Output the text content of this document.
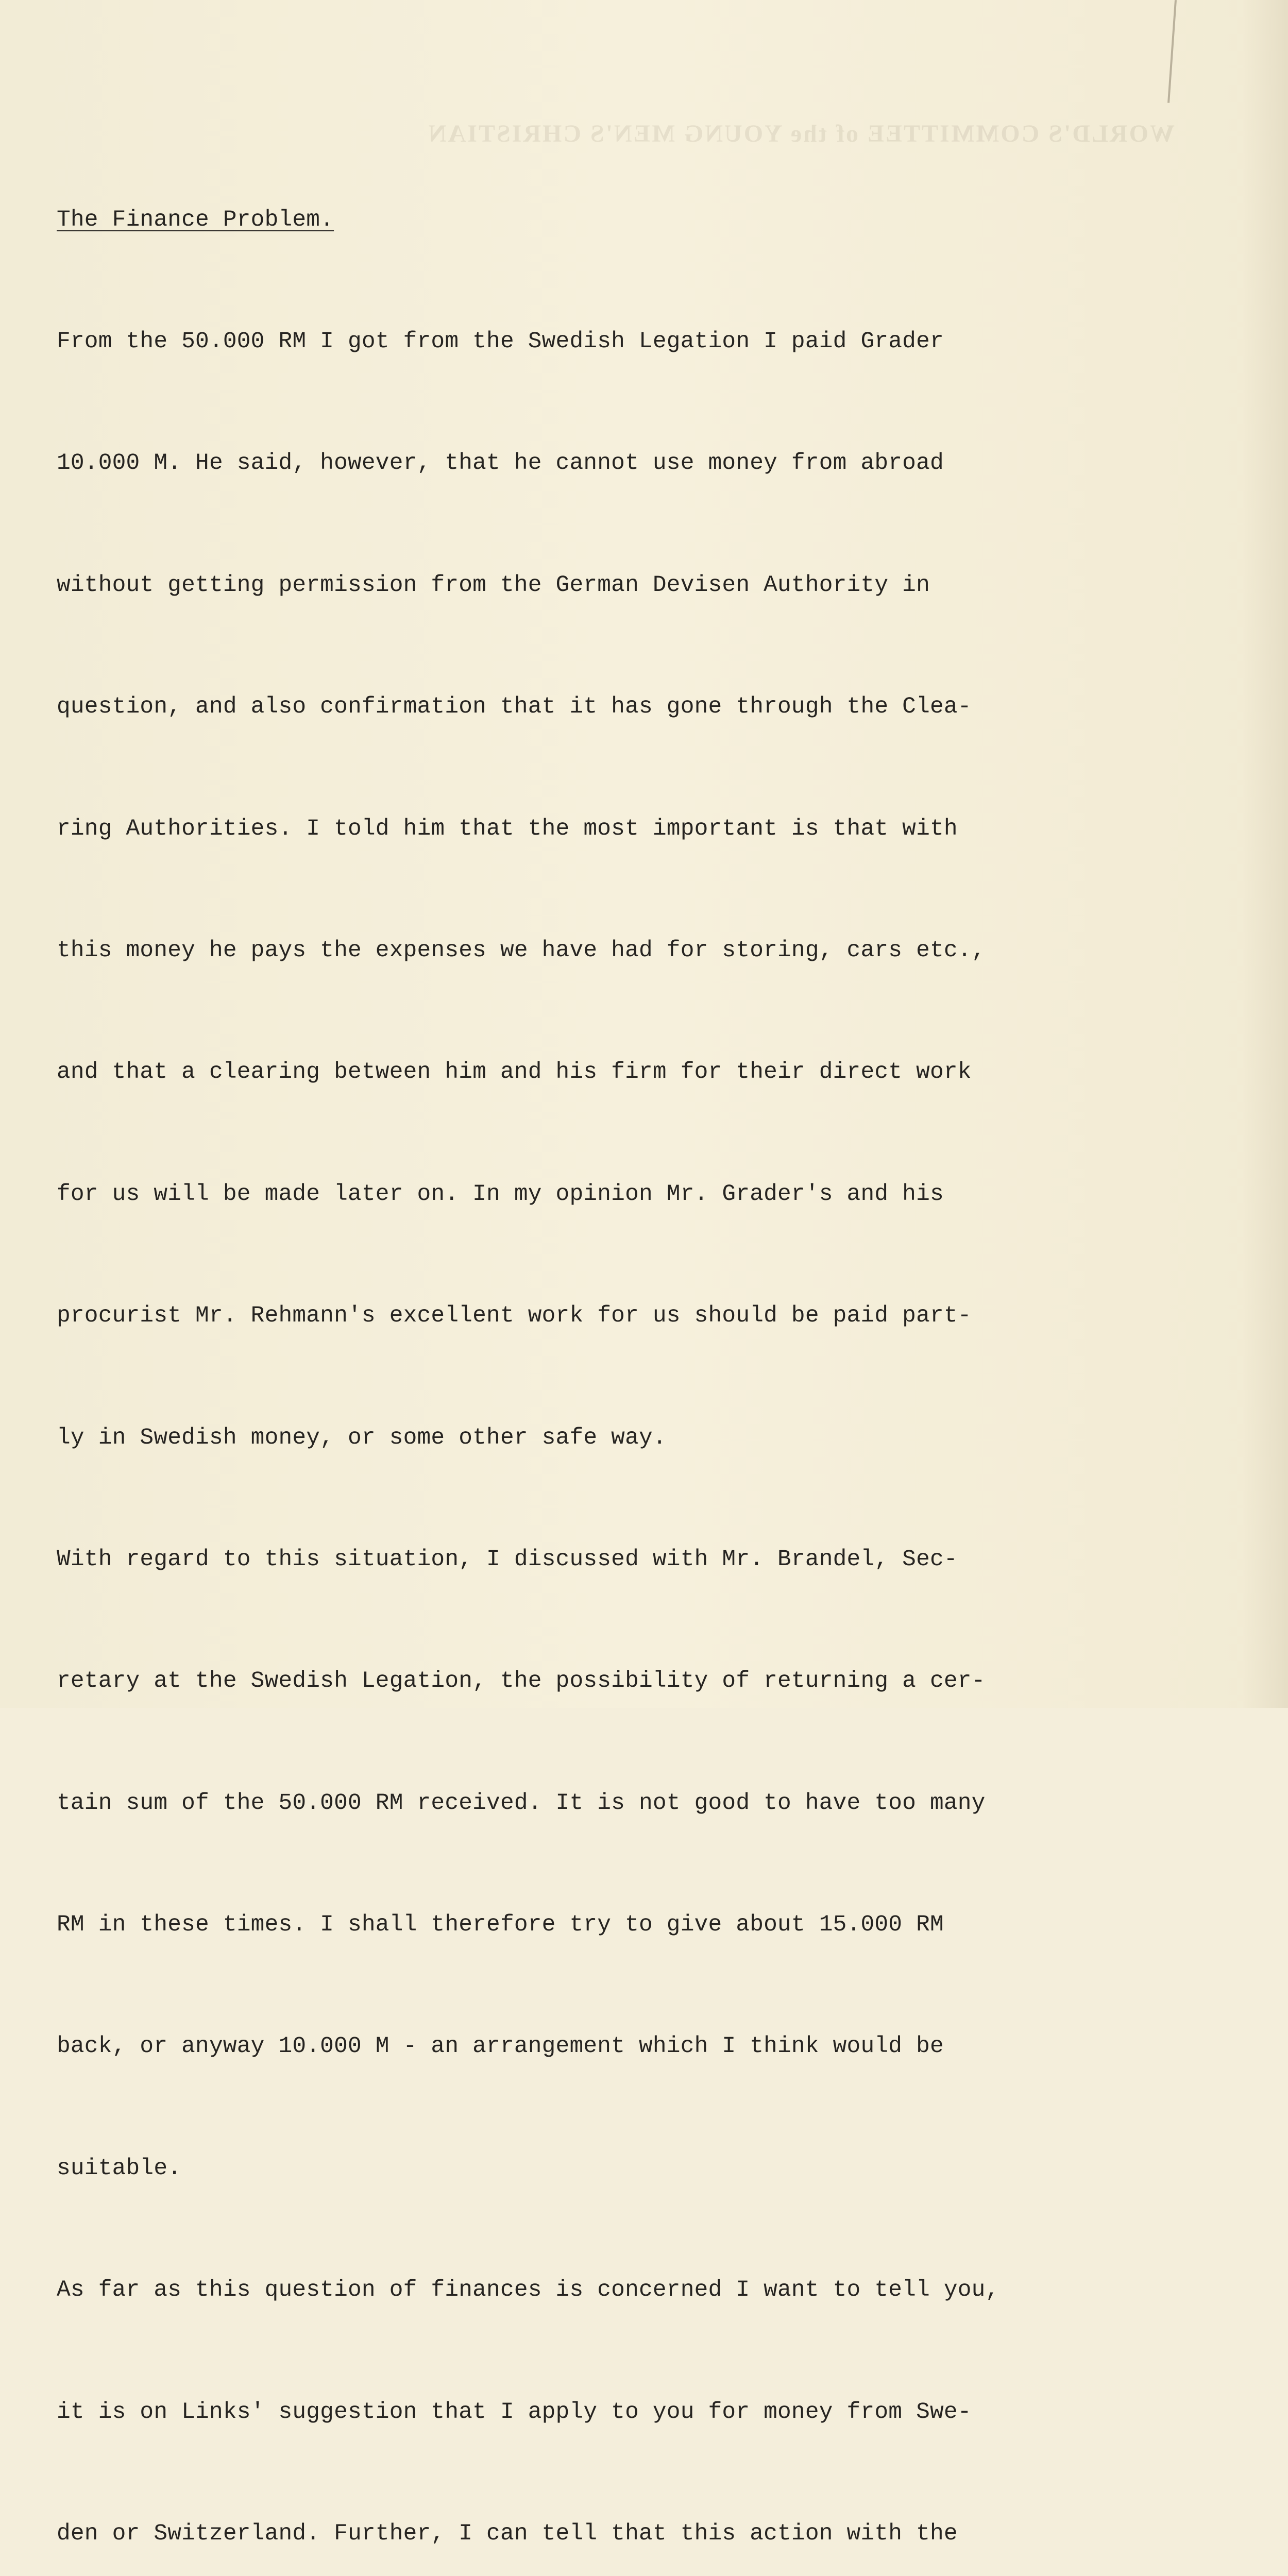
WORLD'S COMMITTEE of the YOUNG MEN'S CHRISTIAN

The Finance Problem.

From the 50.000 RM I got from the Swedish Legation I paid Grader

10.000 M. He said, however, that he cannot use money from abroad

without getting permission from the German Devisen Authority in

question, and also confirmation that it has gone through the Clea-

ring Authorities. I told him that the most important is that with

this money he pays the expenses we have had for storing, cars etc.,

and that a clearing between him and his firm for their direct work

for us will be made later on. In my opinion Mr. Grader's and his

procurist Mr. Rehmann's excellent work for us should be paid part-

ly in Swedish money, or some other safe way.

With regard to this situation, I discussed with Mr. Brandel, Sec-

retary at the Swedish Legation, the possibility of returning a cer-

tain sum of the 50.000 RM received. It is not good to have too many

RM in these times. I shall therefore try to give about 15.000 RM

back, or anyway 10.000 M - an arrangement which I think would be

suitable.

As far as this question of finances is concerned I want to tell you,

it is on Links' suggestion that I apply to you for money from Swe-

den or Switzerland. Further, I can tell that this action with the
